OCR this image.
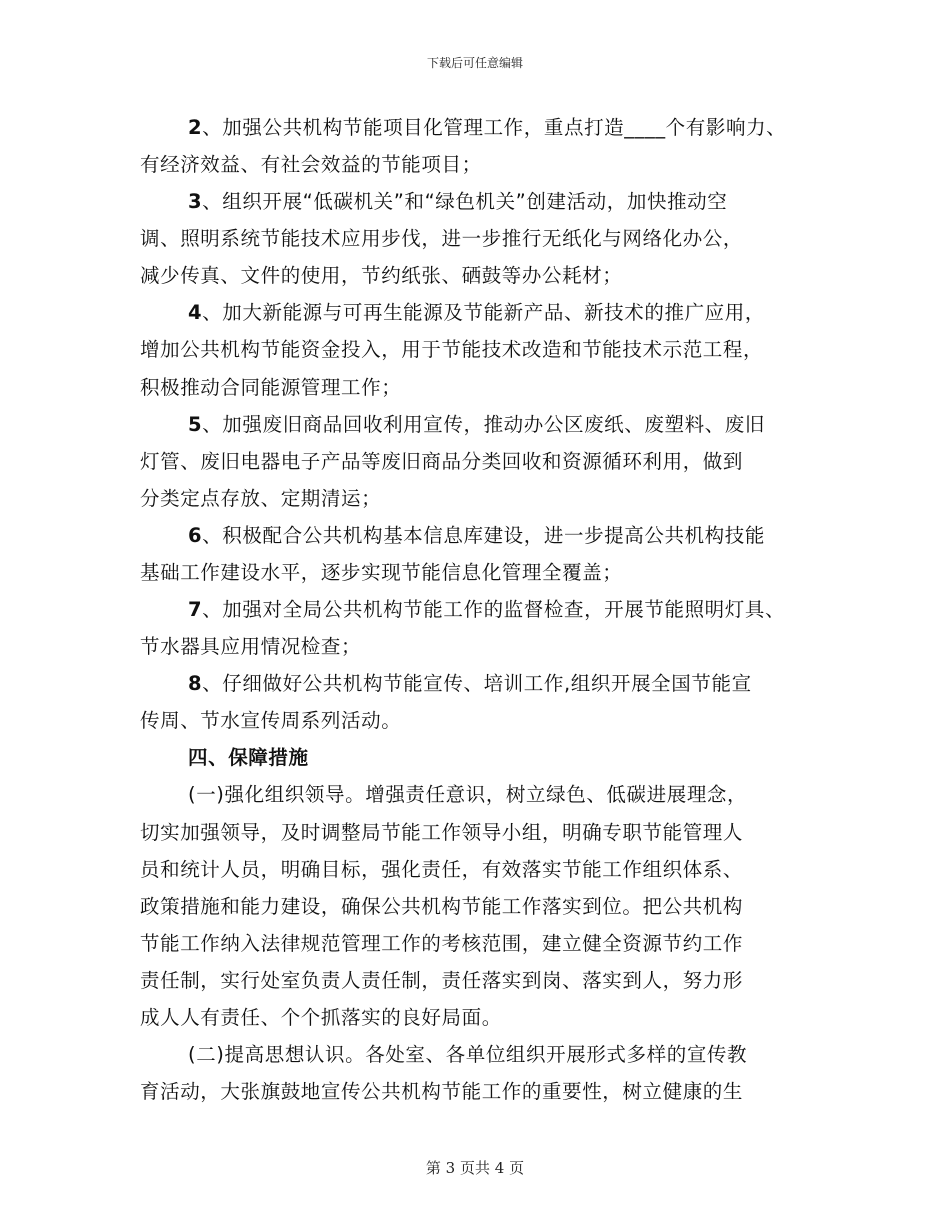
下载后可任意编辑
2、加强公共机构节能项目化管理工作，重点打造____个有影响力、
有经济效益、有社会效益的节能项目；
3、组织开展“低碳机关”和“绿色机关”创建活动，加快推动空
调、照明系统节能技术应用步伐，进一步推行无纸化与网络化办公，
减少传真、文件的使用，节约纸张、硒鼓等办公耗材；
4、加大新能源与可再生能源及节能新产品、新技术的推广应用，
增加公共机构节能资金投入，用于节能技术改造和节能技术示范工程，
积极推动合同能源管理工作；
5、加强废旧商品回收利用宣传，推动办公区废纸、废塑料、废旧
灯管、废旧电器电子产品等废旧商品分类回收和资源循环利用，做到
分类定点存放、定期清运；
6、积极配合公共机构基本信息库建设，进一步提高公共机构技能
基础工作建设水平，逐步实现节能信息化管理全覆盖；
7、加强对全局公共机构节能工作的监督检查，开展节能照明灯具、
节水器具应用情况检查；
8、仔细做好公共机构节能宣传、培训工作,组织开展全国节能宣
传周、节水宣传周系列活动。
四、保障措施
(一)强化组织领导。增强责任意识，树立绿色、低碳进展理念，
切实加强领导，及时调整局节能工作领导小组，明确专职节能管理人
员和统计人员，明确目标，强化责任，有效落实节能工作组织体系、
政策措施和能力建设，确保公共机构节能工作落实到位。把公共机构
节能工作纳入法律规范管理工作的考核范围，建立健全资源节约工作
责任制，实行处室负责人责任制，责任落实到岗、落实到人，努力形
成人人有责任、个个抓落实的良好局面。
(二)提高思想认识。各处室、各单位组织开展形式多样的宣传教
育活动，大张旗鼓地宣传公共机构节能工作的重要性，树立健康的生
第 3 页共 4 页
